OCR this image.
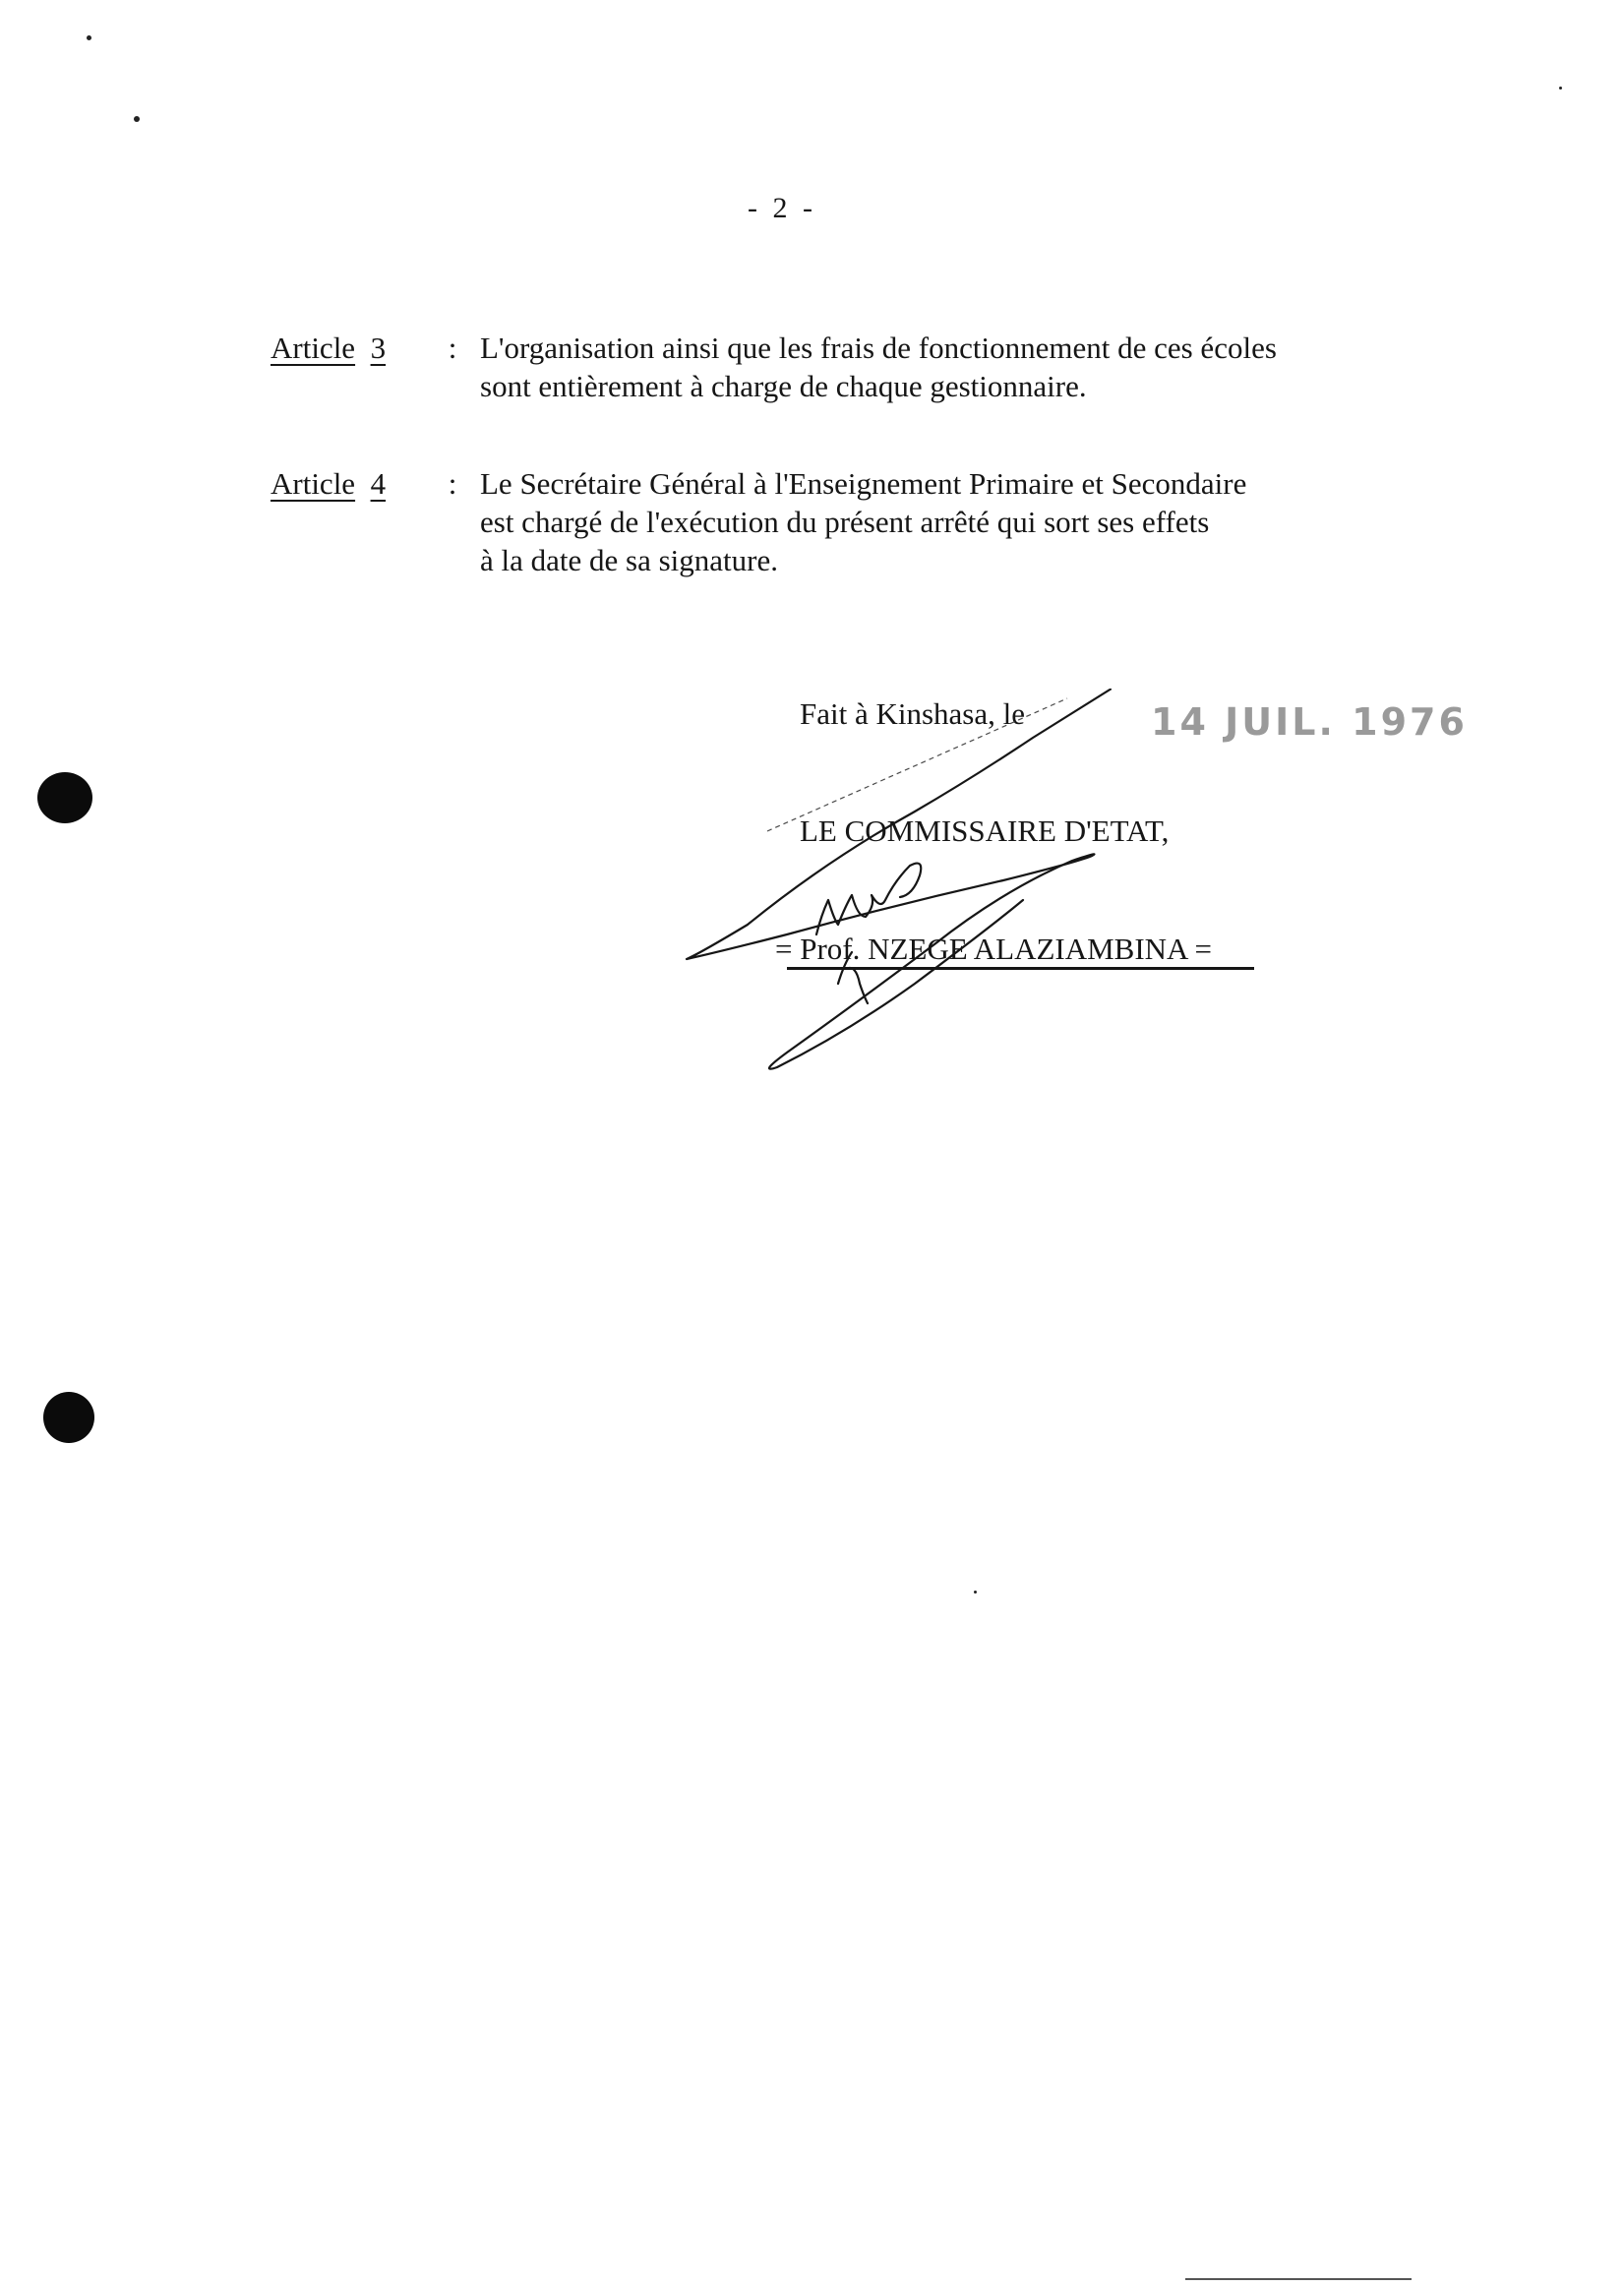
- 2 -
Article 3	: L'organisation ainsi que les frais de fonctionnement de ces écoles

sont entièrement à charge de chaque gestionnaire.

Article 4	: Le Secrétaire Général à l'Enseignement Primaire et Secondaire

est chargé de l'exécution du présent arrêté qui sort ses effets

à la date de sa signature.

Fait à Kinshasa, le	14 JUIL. 1976
LE COMMISSAIRE D'ETAT,
= Prof. NZEGE ALAZIAMBINA =
